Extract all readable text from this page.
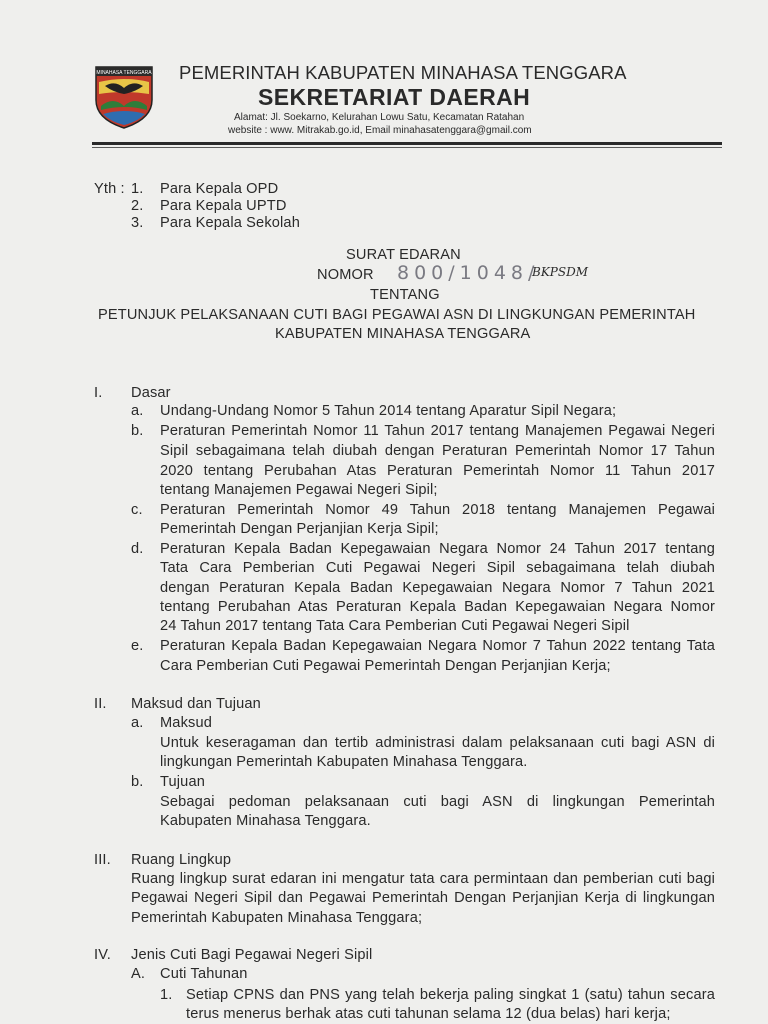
MINAHASA TENGGARA PEMERINTAH KABUPATEN MINAHASA TENGGARA
SEKRETARIAT DAERAH
Alamat: Jl. Soekarno, Kelurahan Lowu Satu, Kecamatan Ratahan
website : www. Mitrakab.go.id, Email minahasatenggara@gmail.com
Yth : 1. Para Kepala OPD
2. Para Kepala UPTD
3. Para Kepala Sekolah
SURAT EDARAN
NOMOR 800/1048/
BKPSDM
TENTANG
PETUNJUK PELAKSANAAN CUTI BAGI PEGAWAI ASN DI LINGKUNGAN PEMERINTAH
KABUPATEN MINAHASA TENGGARA
I. Dasar
a. Undang-Undang Nomor 5 Tahun 2014 tentang Aparatur Sipil Negara;
b. Peraturan Pemerintah Nomor 11 Tahun 2017 tentang Manajemen Pegawai Negeri
Sipil sebagaimana telah diubah dengan Peraturan Pemerintah Nomor 17 Tahun
2020 tentang Perubahan Atas Peraturan Pemerintah Nomor 11 Tahun 2017
tentang Manajemen Pegawai Negeri Sipil;
c. Peraturan Pemerintah Nomor 49 Tahun 2018 tentang Manajemen Pegawai
Pemerintah Dengan Perjanjian Kerja Sipil;
d. Peraturan Kepala Badan Kepegawaian Negara Nomor 24 Tahun 2017 tentang
Tata Cara Pemberian Cuti Pegawai Negeri Sipil sebagaimana telah diubah
dengan Peraturan Kepala Badan Kepegawaian Negara Nomor 7 Tahun 2021
tentang Perubahan Atas Peraturan Kepala Badan Kepegawaian Negara Nomor
24 Tahun 2017 tentang Tata Cara Pemberian Cuti Pegawai Negeri Sipil
e. Peraturan Kepala Badan Kepegawaian Negara Nomor 7 Tahun 2022 tentang Tata
Cara Pemberian Cuti Pegawai Pemerintah Dengan Perjanjian Kerja;
II. Maksud dan Tujuan
a. Maksud
Untuk keseragaman dan tertib administrasi dalam pelaksanaan cuti bagi ASN di
lingkungan Pemerintah Kabupaten Minahasa Tenggara.
b. Tujuan
Sebagai pedoman pelaksanaan cuti bagi ASN di lingkungan Pemerintah
Kabupaten Minahasa Tenggara.
III. Ruang Lingkup
Ruang lingkup surat edaran ini mengatur tata cara permintaan dan pemberian cuti bagi
Pegawai Negeri Sipil dan Pegawai Pemerintah Dengan Perjanjian Kerja di lingkungan
Pemerintah Kabupaten Minahasa Tenggara;
IV. Jenis Cuti Bagi Pegawai Negeri Sipil
A. Cuti Tahunan
1. Setiap CPNS dan PNS yang telah bekerja paling singkat 1 (satu) tahun secara
terus menerus berhak atas cuti tahunan selama 12 (dua belas) hari kerja;
